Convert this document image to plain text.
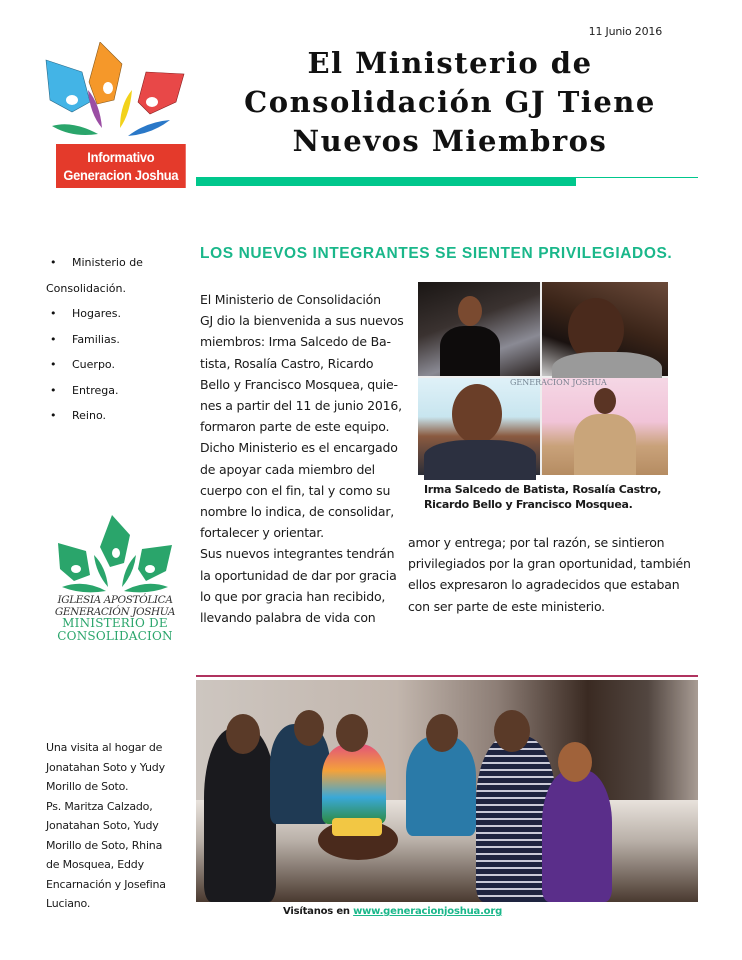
11 Junio 2016
Informativo
Generacion Joshua
El Ministerio de
Consolidación GJ Tiene
Nuevos Miembros
• Ministerio de
Consolidación.
• Hogares.
• Familias.
• Cuerpo.
• Entrega.
• Reino.
LOS NUEVOS INTEGRANTES SE SIENTEN PRIVILEGIADOS.
El Ministerio de Consolidación
GJ dio la bienvenida a sus nuevos
miembros: Irma Salcedo de Ba-
tista, Rosalía Castro, Ricardo
Bello y Francisco Mosquea, quie-
nes a partir del 11 de junio 2016,
formaron parte de este equipo.
Dicho Ministerio es el encargado
de apoyar cada miembro del
cuerpo con el fin, tal y como su
nombre lo indica, de consolidar,
fortalecer y orientar.
Sus nuevos integrantes tendrán
la oportunidad de dar por gracia
lo que por gracia han recibido,
llevando palabra de vida con
GENERACIÓN JOSHUA
Irma Salcedo de Batista, Rosalía Castro,
Ricardo Bello y Francisco Mosquea.
amor y entrega; por tal razón, se sintieron
privilegiados por la gran oportunidad, también
ellos expresaron lo agradecidos que estaban
con ser parte de este ministerio.
IGLESIA APOSTÓLICA
GENERACIÓN JOSHUA
MINISTERIO DE
CONSOLIDACION
Una visita al hogar de
Jonatahan Soto y Yudy
Morillo de Soto.
Ps. Maritza Calzado,
Jonatahan Soto, Yudy
Morillo de Soto, Rhina
de Mosquea, Eddy
Encarnación y Josefina
Luciano.
Visítanos en www.generacionjoshua.org
